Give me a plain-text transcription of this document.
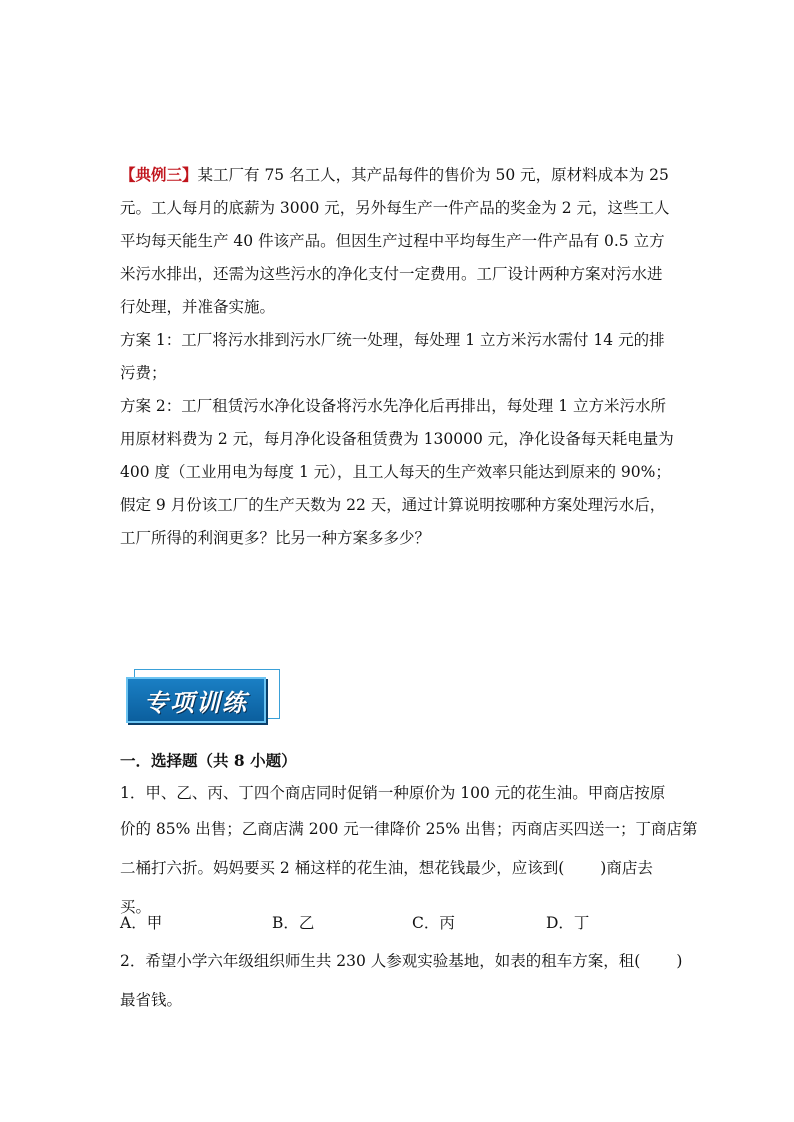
【典例三】某工厂有 75 名工人，其产品每件的售价为 50 元，原材料成本为 25
元。工人每月的底薪为 3000 元，另外每生产一件产品的奖金为 2 元，这些工人
平均每天能生产 40 件该产品。但因生产过程中平均每生产一件产品有 0.5 立方
米污水排出，还需为这些污水的净化支付一定费用。工厂设计两种方案对污水进
行处理，并准备实施。
方案 1：工厂将污水排到污水厂统一处理，每处理 1 立方米污水需付 14 元的排
污费；
方案 2：工厂租赁污水净化设备将污水先净化后再排出，每处理 1 立方米污水所
用原材料费为 2 元，每月净化设备租赁费为 130000 元，净化设备每天耗电量为
400 度（工业用电为每度 1 元），且工人每天的生产效率只能达到原来的 90%；
假定 9 月份该工厂的生产天数为 22 天，通过计算说明按哪种方案处理污水后，
工厂所得的利润更多？比另一种方案多多少？
专项训练
一．选择题（共 8 小题）
1．甲、乙、丙、丁四个商店同时促销一种原价为 100 元的花生油。甲商店按原
价的 85% 出售；乙商店满 200 元一律降价 25% 出售；丙商店买四送一；丁商店第
二桶打六折。妈妈要买 2 桶这样的花生油，想花钱最少，应该到( )商店去
买。
A．甲	B．乙	C．丙	D．丁
2．希望小学六年级组织师生共 230 人参观实验基地，如表的租车方案，租( )
最省钱。
